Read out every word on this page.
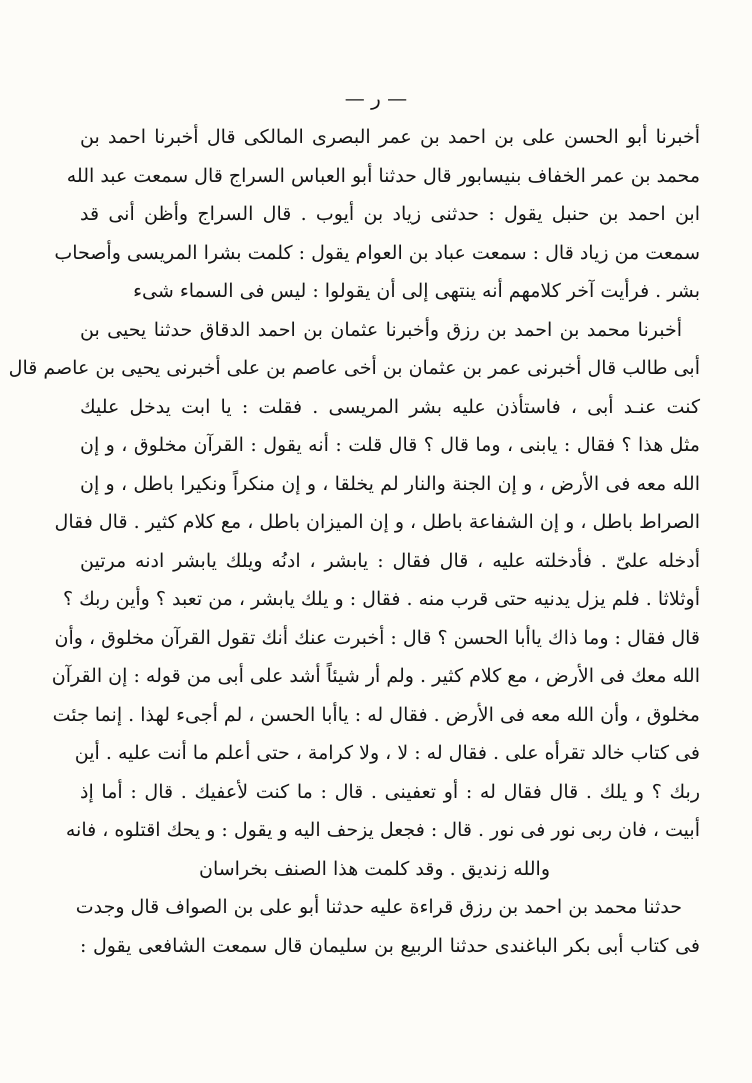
— ر —
أخبرنا أبو الحسن على بن احمد بن عمر البصرى المالكى قال أخبرنا احمد بن
محمد بن عمر الخفاف بنيسابور قال حدثنا أبو العباس السراج قال سمعت عبد الله
ابن احمد بن حنبل يقول : حدثنى زياد بن أيوب . قال السراج وأظن أنى قد
سمعت من زياد قال : سمعت عباد بن العوام يقول : كلمت بشرا المريسى وأصحاب
بشر . فرأيت آخر كلامهم أنه ينتهى إلى أن يقولوا : ليس فى السماء شىء
أخبرنا محمد بن احمد بن رزق وأخبرنا عثمان بن احمد الدقاق حدثنا يحيى بن
أبى طالب قال أخبرنى عمر بن عثمان بن أخى عاصم بن على أخبرنى يحيى بن عاصم قال
كنت عنـد أبى ، فاستأذن عليه بشر المريسى . فقلت : يا ابت يدخل عليك
مثل هذا ؟ فقال : يابنى ، وما قال ؟ قال قلت : أنه يقول : القرآن مخلوق ، و إن
الله معه فى الأرض ، و إن الجنة والنار لم يخلقا ، و إن منكراً ونكيرا باطل ، و إن
الصراط باطل ، و إن الشفاعة باطل ، و إن الميزان باطل ، مع كلام كثير . قال فقال
أدخله علىّ . فأدخلته عليه ، قال فقال : يابشر ، ادنُه ويلك يابشر ادنه مرتين
أوثلاثا . فلم يزل يدنيه حتى قرب منه . فقال : و يلك يابشر ، من تعبد ؟ وأين ربك ؟
قال فقال : وما ذاك ياأبا الحسن ؟ قال : أخبرت عنك أنك تقول القرآن مخلوق ، وأن
الله معك فى الأرض ، مع كلام كثير . ولم أر شيئاً أشد على أبى من قوله : إن القرآن
مخلوق ، وأن الله معه فى الأرض . فقال له : ياأبا الحسن ، لم أجىء لهذا . إنما جئت
فى كتاب خالد تقرأه على . فقال له : لا ، ولا كرامة ، حتى أعلم ما أنت عليه . أين
ربك ؟ و يلك . قال فقال له : أو تعفينى . قال : ما كنت لأعفيك . قال : أما إذ
أبيت ، فان ربى نور فى نور . قال : فجعل يزحف اليه و يقول : و يحك اقتلوه ، فانه
والله زنديق . وقد كلمت هذا الصنف بخراسان
حدثنا محمد بن احمد بن رزق قراءة عليه حدثنا أبو على بن الصواف قال وجدت
فى كتاب أبى بكر الباغندى حدثنا الربيع بن سليمان قال سمعت الشافعى يقول :
